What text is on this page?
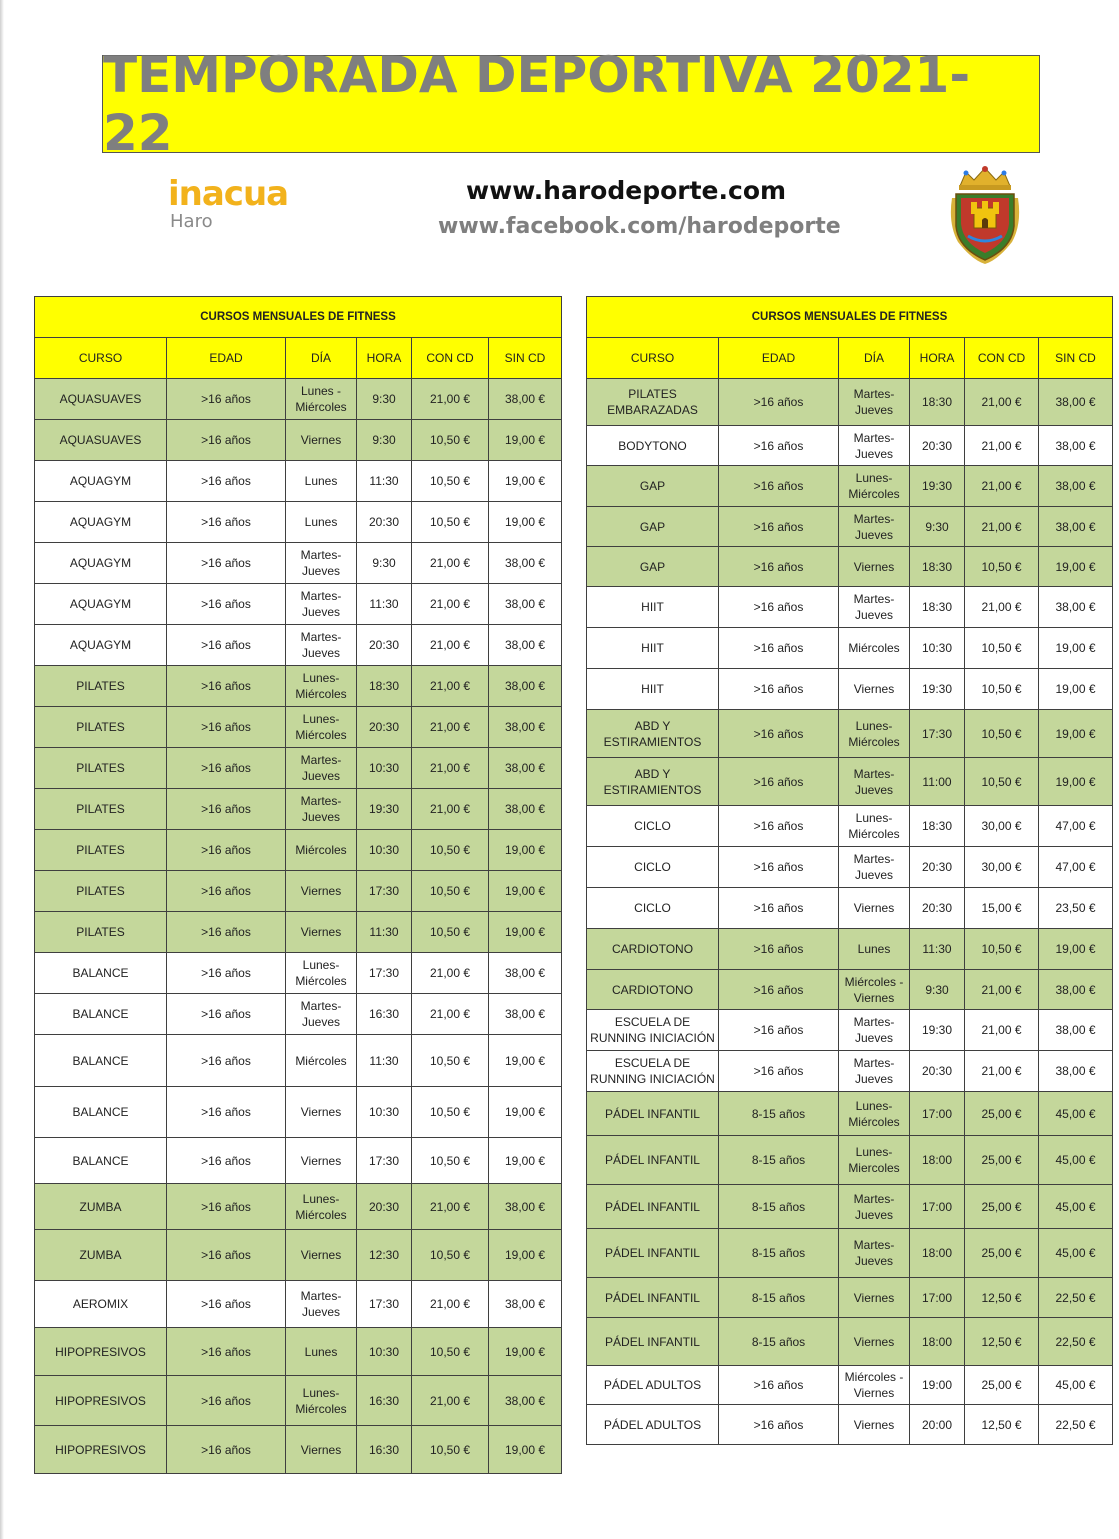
TEMPORADA DEPORTIVA 2021-22
inacua
Haro
www.harodeporte.com
www.facebook.com/harodeporte
CURSOS MENSUALES DE FITNESS					
CURSO	EDAD	DÍA	HORA	CON CD	SIN CD
AQUASUAVES	>16 años	Lunes - Miércoles	9:30	21,00 €	38,00 €
AQUASUAVES	>16 años	Viernes	9:30	10,50 €	19,00 €
AQUAGYM	>16 años	Lunes	11:30	10,50 €	19,00 €
AQUAGYM	>16 años	Lunes	20:30	10,50 €	19,00 €
AQUAGYM	>16 años	Martes- Jueves	9:30	21,00 €	38,00 €
AQUAGYM	>16 años	Martes- Jueves	11:30	21,00 €	38,00 €
AQUAGYM	>16 años	Martes- Jueves	20:30	21,00 €	38,00 €
PILATES	>16 años	Lunes- Miércoles	18:30	21,00 €	38,00 €
PILATES	>16 años	Lunes- Miércoles	20:30	21,00 €	38,00 €
PILATES	>16 años	Martes- Jueves	10:30	21,00 €	38,00 €
PILATES	>16 años	Martes- Jueves	19:30	21,00 €	38,00 €
PILATES	>16 años	Miércoles	10:30	10,50 €	19,00 €
PILATES	>16 años	Viernes	17:30	10,50 €	19,00 €
PILATES	>16 años	Viernes	11:30	10,50 €	19,00 €
BALANCE	>16 años	Lunes- Miércoles	17:30	21,00 €	38,00 €
BALANCE	>16 años	Martes- Jueves	16:30	21,00 €	38,00 €
BALANCE	>16 años	Miércoles	11:30	10,50 €	19,00 €
BALANCE	>16 años	Viernes	10:30	10,50 €	19,00 €
BALANCE	>16 años	Viernes	17:30	10,50 €	19,00 €
ZUMBA	>16 años	Lunes- Miércoles	20:30	21,00 €	38,00 €
ZUMBA	>16 años	Viernes	12:30	10,50 €	19,00 €
AEROMIX	>16 años	Martes- Jueves	17:30	21,00 €	38,00 €
HIPOPRESIVOS	>16 años	Lunes	10:30	10,50 €	19,00 €
HIPOPRESIVOS	>16 años	Lunes- Miércoles	16:30	21,00 €	38,00 €
HIPOPRESIVOS	>16 años	Viernes	16:30	10,50 €	19,00 €
CURSOS MENSUALES DE FITNESS					
CURSO	EDAD	DÍA	HORA	CON CD	SIN CD
PILATES EMBARAZADAS	>16 años	Martes- Jueves	18:30	21,00 €	38,00 €
BODYTONO	>16 años	Martes- Jueves	20:30	21,00 €	38,00 €
GAP	>16 años	Lunes- Miércoles	19:30	21,00 €	38,00 €
GAP	>16 años	Martes- Jueves	9:30	21,00 €	38,00 €
GAP	>16 años	Viernes	18:30	10,50 €	19,00 €
HIIT	>16 años	Martes- Jueves	18:30	21,00 €	38,00 €
HIIT	>16 años	Miércoles	10:30	10,50 €	19,00 €
HIIT	>16 años	Viernes	19:30	10,50 €	19,00 €
ABD Y ESTIRAMIENTOS	>16 años	Lunes- Miércoles	17:30	10,50 €	19,00 €
ABD Y ESTIRAMIENTOS	>16 años	Martes- Jueves	11:00	10,50 €	19,00 €
CICLO	>16 años	Lunes- Miércoles	18:30	30,00 €	47,00 €
CICLO	>16 años	Martes- Jueves	20:30	30,00 €	47,00 €
CICLO	>16 años	Viernes	20:30	15,00 €	23,50 €
CARDIOTONO	>16 años	Lunes	11:30	10,50 €	19,00 €
CARDIOTONO	>16 años	Miércoles - Viernes	9:30	21,00 €	38,00 €
ESCUELA DE RUNNING INICIACIÓN	>16 años	Martes- Jueves	19:30	21,00 €	38,00 €
ESCUELA DE RUNNING INICIACIÓN	>16 años	Martes- Jueves	20:30	21,00 €	38,00 €
PÁDEL INFANTIL	8-15 años	Lunes- Miércoles	17:00	25,00 €	45,00 €
PÁDEL INFANTIL	8-15 años	Lunes- Miercoles	18:00	25,00 €	45,00 €
PÁDEL INFANTIL	8-15 años	Martes- Jueves	17:00	25,00 €	45,00 €
PÁDEL INFANTIL	8-15 años	Martes- Jueves	18:00	25,00 €	45,00 €
PÁDEL INFANTIL	8-15 años	Viernes	17:00	12,50 €	22,50 €
PÁDEL INFANTIL	8-15 años	Viernes	18:00	12,50 €	22,50 €
PÁDEL ADULTOS	>16 años	Miércoles - Viernes	19:00	25,00 €	45,00 €
PÁDEL ADULTOS	>16 años	Viernes	20:00	12,50 €	22,50 €
